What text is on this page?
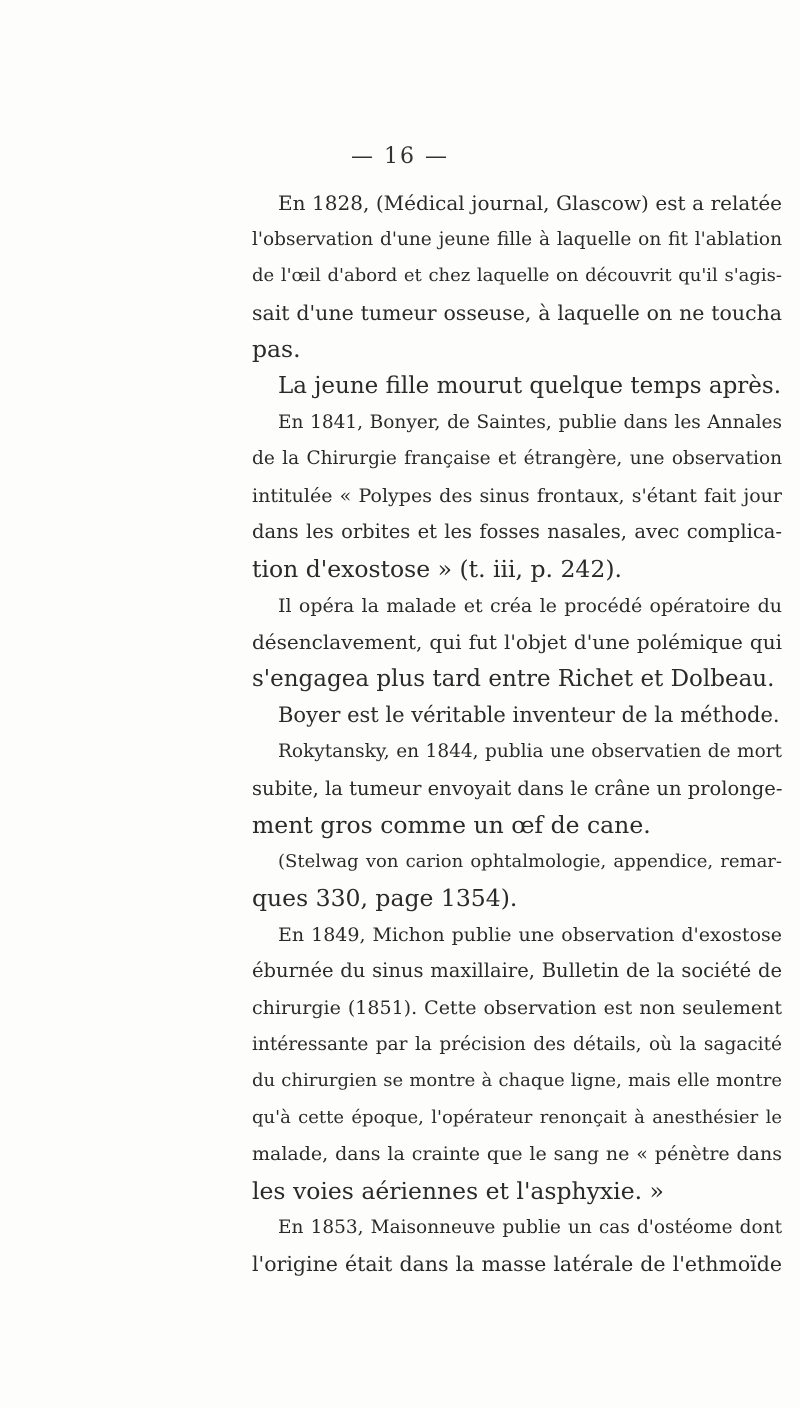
— 16 —
En 1828, (Médical journal, Glascow) est a relatée
l'observation d'une jeune fille à laquelle on fit l'ablation
de l'œil d'abord et chez laquelle on découvrit qu'il s'agis-
sait d'une tumeur osseuse, à laquelle on ne toucha
pas.
La jeune fille mourut quelque temps après.
En 1841, Bonyer, de Saintes, publie dans les Annales
de la Chirurgie française et étrangère, une observation
intitulée « Polypes des sinus frontaux, s'étant fait jour
dans les orbites et les fosses nasales, avec complica-
tion d'exostose » (t. iii, p. 242).
Il opéra la malade et créa le procédé opératoire du
désenclavement, qui fut l'objet d'une polémique qui
s'engagea plus tard entre Richet et Dolbeau.
Boyer est le véritable inventeur de la méthode.
Rokytansky, en 1844, publia une observatien de mort
subite, la tumeur envoyait dans le crâne un prolonge-
ment gros comme un œf de cane.
(Stelwag von carion ophtalmologie, appendice, remar-
ques 330, page 1354).
En 1849, Michon publie une observation d'exostose
éburnée du sinus maxillaire, Bulletin de la société de
chirurgie (1851). Cette observation est non seulement
intéressante par la précision des détails, où la sagacité
du chirurgien se montre à chaque ligne, mais elle montre
qu'à cette époque, l'opérateur renonçait à anesthésier le
malade, dans la crainte que le sang ne « pénètre dans
les voies aériennes et l'asphyxie. »
En 1853, Maisonneuve publie un cas d'ostéome dont
l'origine était dans la masse latérale de l'ethmoïde
